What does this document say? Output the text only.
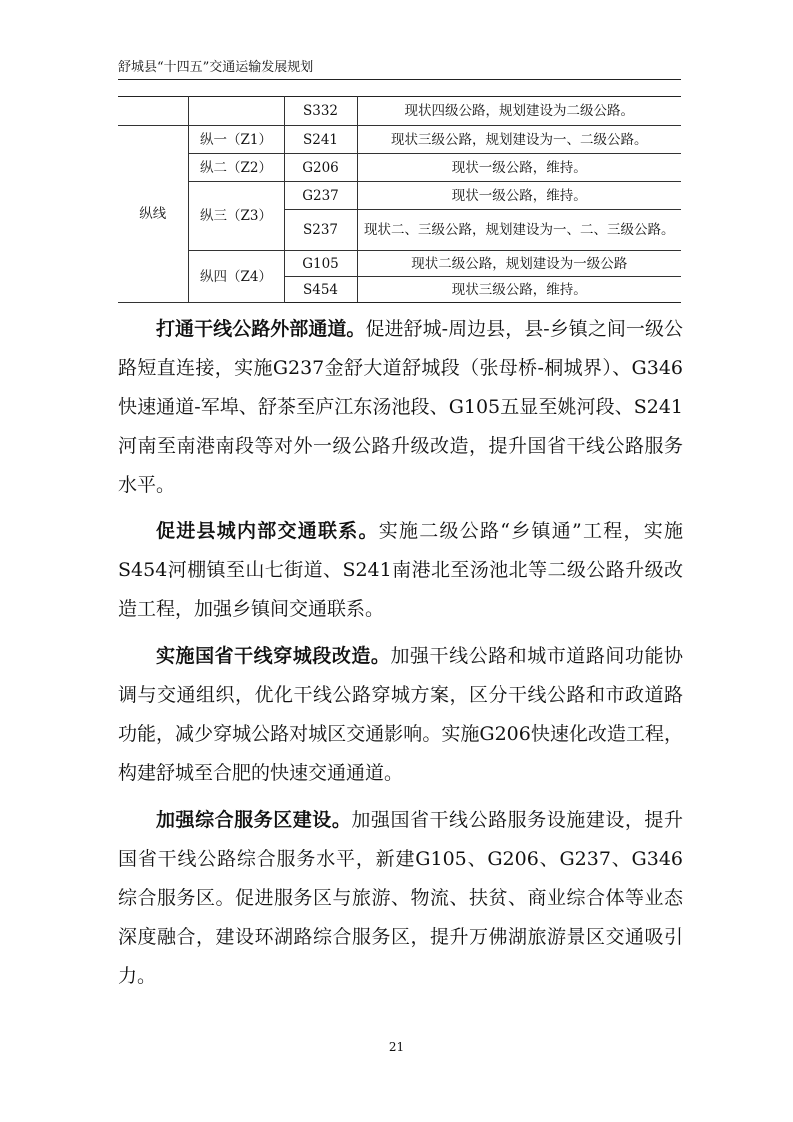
舒城县“十四五”交通运输发展规划
		S332	现状四级公路，规划建设为二级公路。
纵线	纵一（Z1）	S241	现状三级公路，规划建设为一、二级公路。
	纵二（Z2）	G206	现状一级公路，维持。
	纵三（Z3）	G237	现状一级公路，维持。
		S237	现状二、三级公路，规划建设为一、二、三级公路。
	纵四（Z4）	G105	现状二级公路，规划建设为一级公路
		S454	现状三级公路，维持。

打通干线公路外部通道。促进舒城-周边县，县-乡镇之间一级公路短直连接，实施G237金舒大道舒城段（张母桥-桐城界）、G346快速通道-军埠、舒茶至庐江东汤池段、G105五显至姚河段、S241河南至南港南段等对外一级公路升级改造，提升国省干线公路服务水平。

促进县城内部交通联系。实施二级公路“乡镇通”工程，实施S454河棚镇至山七街道、S241南港北至汤池北等二级公路升级改造工程，加强乡镇间交通联系。

实施国省干线穿城段改造。加强干线公路和城市道路间功能协调与交通组织，优化干线公路穿城方案，区分干线公路和市政道路功能，减少穿城公路对城区交通影响。实施G206快速化改造工程，构建舒城至合肥的快速交通通道。

加强综合服务区建设。加强国省干线公路服务设施建设，提升国省干线公路综合服务水平，新建G105、G206、G237、G346综合服务区。促进服务区与旅游、物流、扶贫、商业综合体等业态深度融合，建设环湖路综合服务区，提升万佛湖旅游景区交通吸引力。

21
